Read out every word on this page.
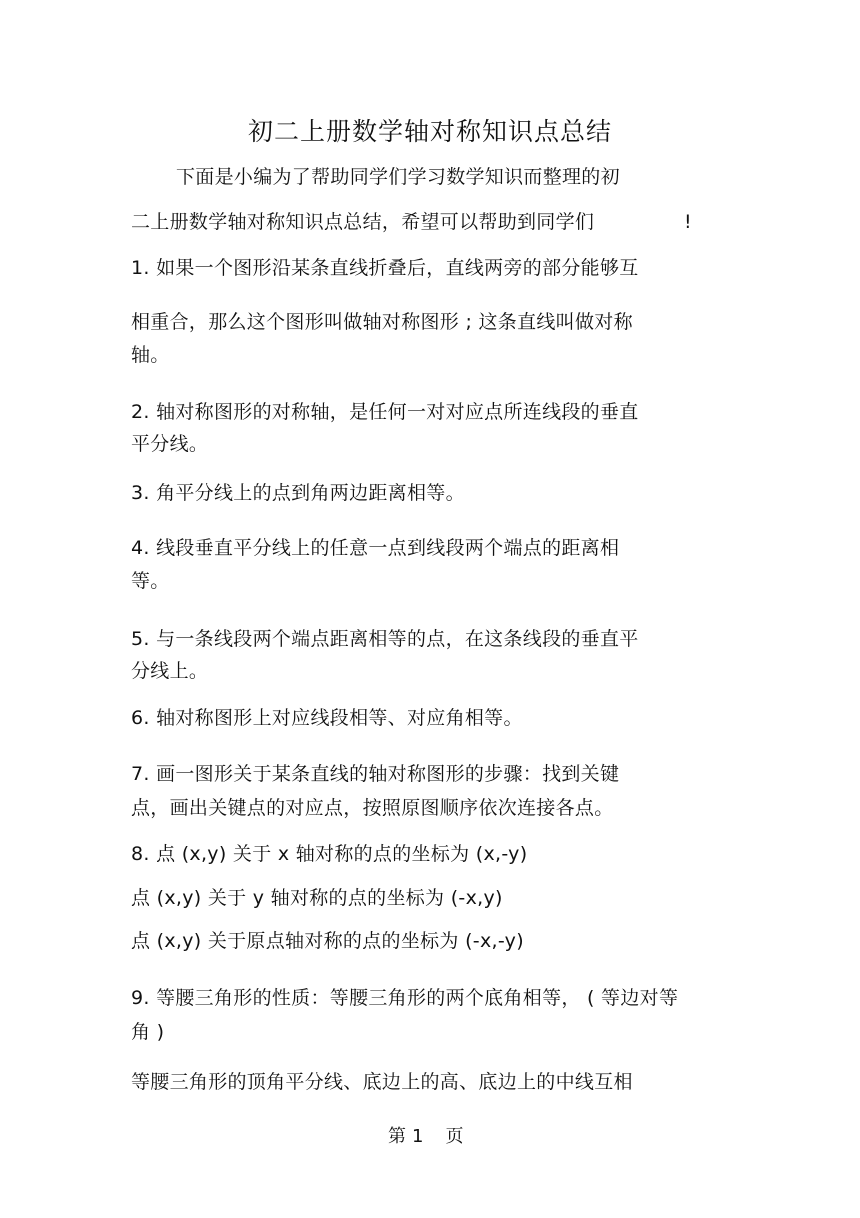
初二上册数学轴对称知识点总结
下面是小编为了帮助同学们学习数学知识而整理的初
二上册数学轴对称知识点总结，希望可以帮助到同学们	!
1. 如果一个图形沿某条直线折叠后，直线两旁的部分能够互
相重合，那么这个图形叫做轴对称图形 ; 这条直线叫做对称
轴。
2. 轴对称图形的对称轴，是任何一对对应点所连线段的垂直
平分线。
3. 角平分线上的点到角两边距离相等。
4. 线段垂直平分线上的任意一点到线段两个端点的距离相
等。
5. 与一条线段两个端点距离相等的点，在这条线段的垂直平
分线上。
6. 轴对称图形上对应线段相等、对应角相等。
7. 画一图形关于某条直线的轴对称图形的步骤：找到关键
点，画出关键点的对应点，按照原图顺序依次连接各点。
8. 点 (x,y) 关于 x 轴对称的点的坐标为 (x,-y)
点 (x,y) 关于 y 轴对称的点的坐标为 (-x,y)
点 (x,y) 关于原点轴对称的点的坐标为 (-x,-y)
9. 等腰三角形的性质：等腰三角形的两个底角相等， ( 等边对等
角 )
等腰三角形的顶角平分线、底边上的高、底边上的中线互相
第 1 页
